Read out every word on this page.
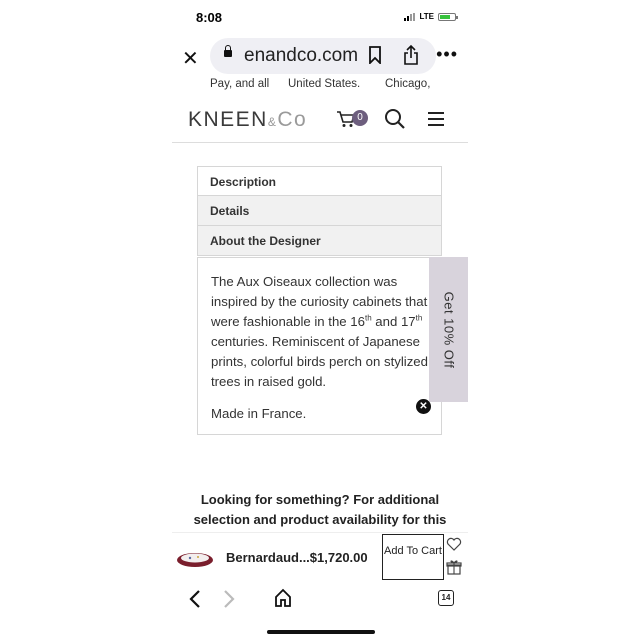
8:08	LTE
✕ enandco.com	•••
Pay, and all United States. Chicago,
KNEEN&Co	0
Description
Details
About the Designer

The Aux Oiseaux collection was inspired by the curiosity cabinets that were fashionable in the 16th and 17th centuries. Reminiscent of Japanese prints, colorful birds perch on stylized trees in raised gold.

Made in France.

Get 10% Off
✕
Looking for something? For additional selection and product availability for this
Bernardaud...$1,720.00 Add To Cart
14
